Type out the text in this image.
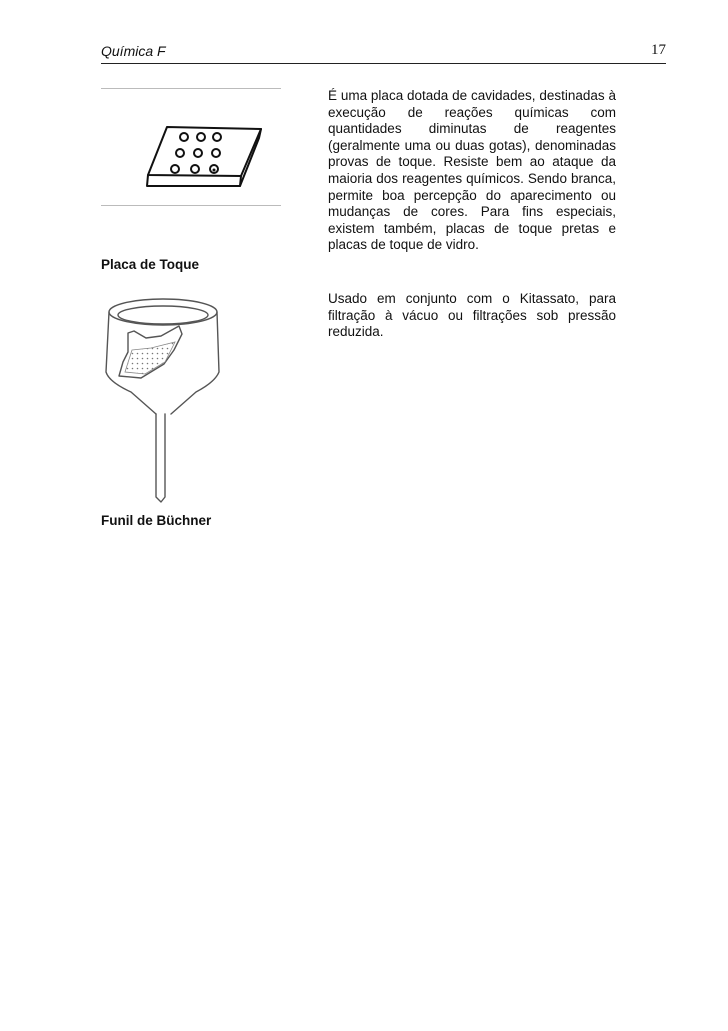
Química F	17
Placa de Toque

É uma placa dotada de cavidades, destinadas à execução de reações químicas com quantidades diminutas de reagentes (geralmente uma ou duas gotas), denominadas provas de toque. Resiste bem ao ataque da maioria dos reagentes químicos. Sendo branca, permite boa percepção do aparecimento ou mudanças de cores. Para fins especiais, existem também, placas de toque pretas e placas de toque de vidro.

Funil de Büchner

Usado em conjunto com o Kitassato, para filtração à vácuo ou filtrações sob pressão reduzida.
